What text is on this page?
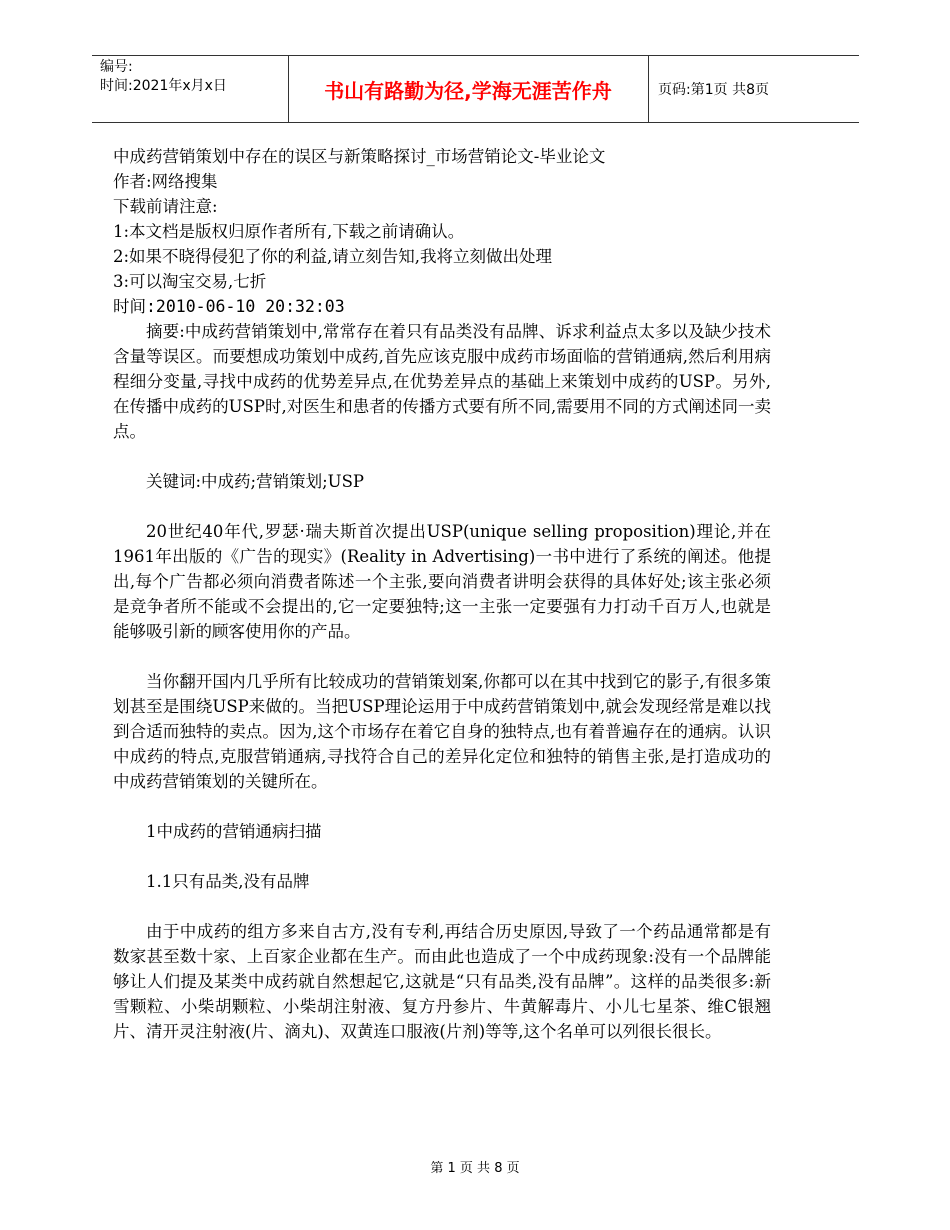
编号:
时间:2021年x月x日	书山有路勤为径,学海无涯苦作舟	页码:第1页 共8页
中成药营销策划中存在的误区与新策略探讨_市场营销论文-毕业论文
作者:网络搜集
下载前请注意:
1:本文档是版权归原作者所有,下载之前请确认。
2:如果不晓得侵犯了你的利益,请立刻告知,我将立刻做出处理
3:可以淘宝交易,七折
时间:2010-06-10 20:32:03

摘要:中成药营销策划中,常常存在着只有品类没有品牌、诉求利益点太多以及缺少技术含量等误区。而要想成功策划中成药,首先应该克服中成药市场面临的营销通病,然后利用病程细分变量,寻找中成药的优势差异点,在优势差异点的基础上来策划中成药的USP。另外,在传播中成药的USP时,对医生和患者的传播方式要有所不同,需要用不同的方式阐述同一卖点。

关键词:中成药;营销策划;USP

20世纪40年代,罗瑟·瑞夫斯首次提出USP(unique selling proposition)理论,并在1961年出版的《广告的现实》(Reality in Advertising)一书中进行了系统的阐述。他提出,每个广告都必须向消费者陈述一个主张,要向消费者讲明会获得的具体好处;该主张必须是竞争者所不能或不会提出的,它一定要独特;这一主张一定要强有力打动千百万人,也就是能够吸引新的顾客使用你的产品。

当你翻开国内几乎所有比较成功的营销策划案,你都可以在其中找到它的影子,有很多策划甚至是围绕USP来做的。当把USP理论运用于中成药营销策划中,就会发现经常是难以找到合适而独特的卖点。因为,这个市场存在着它自身的独特点,也有着普遍存在的通病。认识中成药的特点,克服营销通病,寻找符合自己的差异化定位和独特的销售主张,是打造成功的中成药营销策划的关键所在。

1中成药的营销通病扫描
1.1只有品类,没有品牌

由于中成药的组方多来自古方,没有专利,再结合历史原因,导致了一个药品通常都是有数家甚至数十家、上百家企业都在生产。而由此也造成了一个中成药现象:没有一个品牌能够让人们提及某类中成药就自然想起它,这就是“只有品类,没有品牌”。这样的品类很多:新雪颗粒、小柴胡颗粒、小柴胡注射液、复方丹参片、牛黄解毒片、小儿七星茶、维C银翘片、清开灵注射液(片、滴丸)、双黄连口服液(片剂)等等,这个名单可以列很长很长。

第 1 页 共 8 页
